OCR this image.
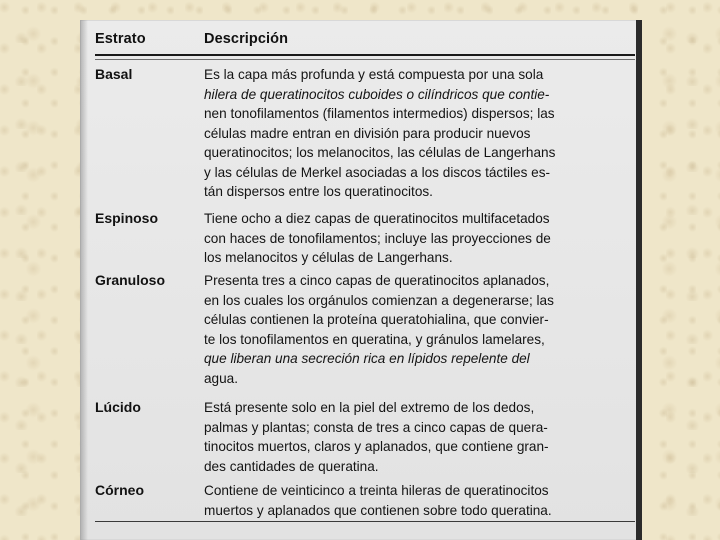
Estrato	Descripción
Basal	Es la capa más profunda y está compuesta por una sola
hilera de queratinocitos cuboides o cilíndricos que contie-
nen tonofilamentos (filamentos intermedios) dispersos; las
células madre entran en división para producir nuevos
queratinocitos; los melanocitos, las células de Langerhans
y las células de Merkel asociadas a los discos táctiles es-
tán dispersos entre los queratinocitos.
Espinoso	Tiene ocho a diez capas de queratinocitos multifacetados
con haces de tonofilamentos; incluye las proyecciones de
los melanocitos y células de Langerhans.
Granuloso	Presenta tres a cinco capas de queratinocitos aplanados,
en los cuales los orgánulos comienzan a degenerarse; las
células contienen la proteína queratohialina, que convier-
te los tonofilamentos en queratina, y gránulos lamelares,
que liberan una secreción rica en lípidos repelente del
agua.
Lúcido	Está presente solo en la piel del extremo de los dedos,
palmas y plantas; consta de tres a cinco capas de quera-
tinocitos muertos, claros y aplanados, que contiene gran-
des cantidades de queratina.
Córneo	Contiene de veinticinco a treinta hileras de queratinocitos
muertos y aplanados que contienen sobre todo queratina.
